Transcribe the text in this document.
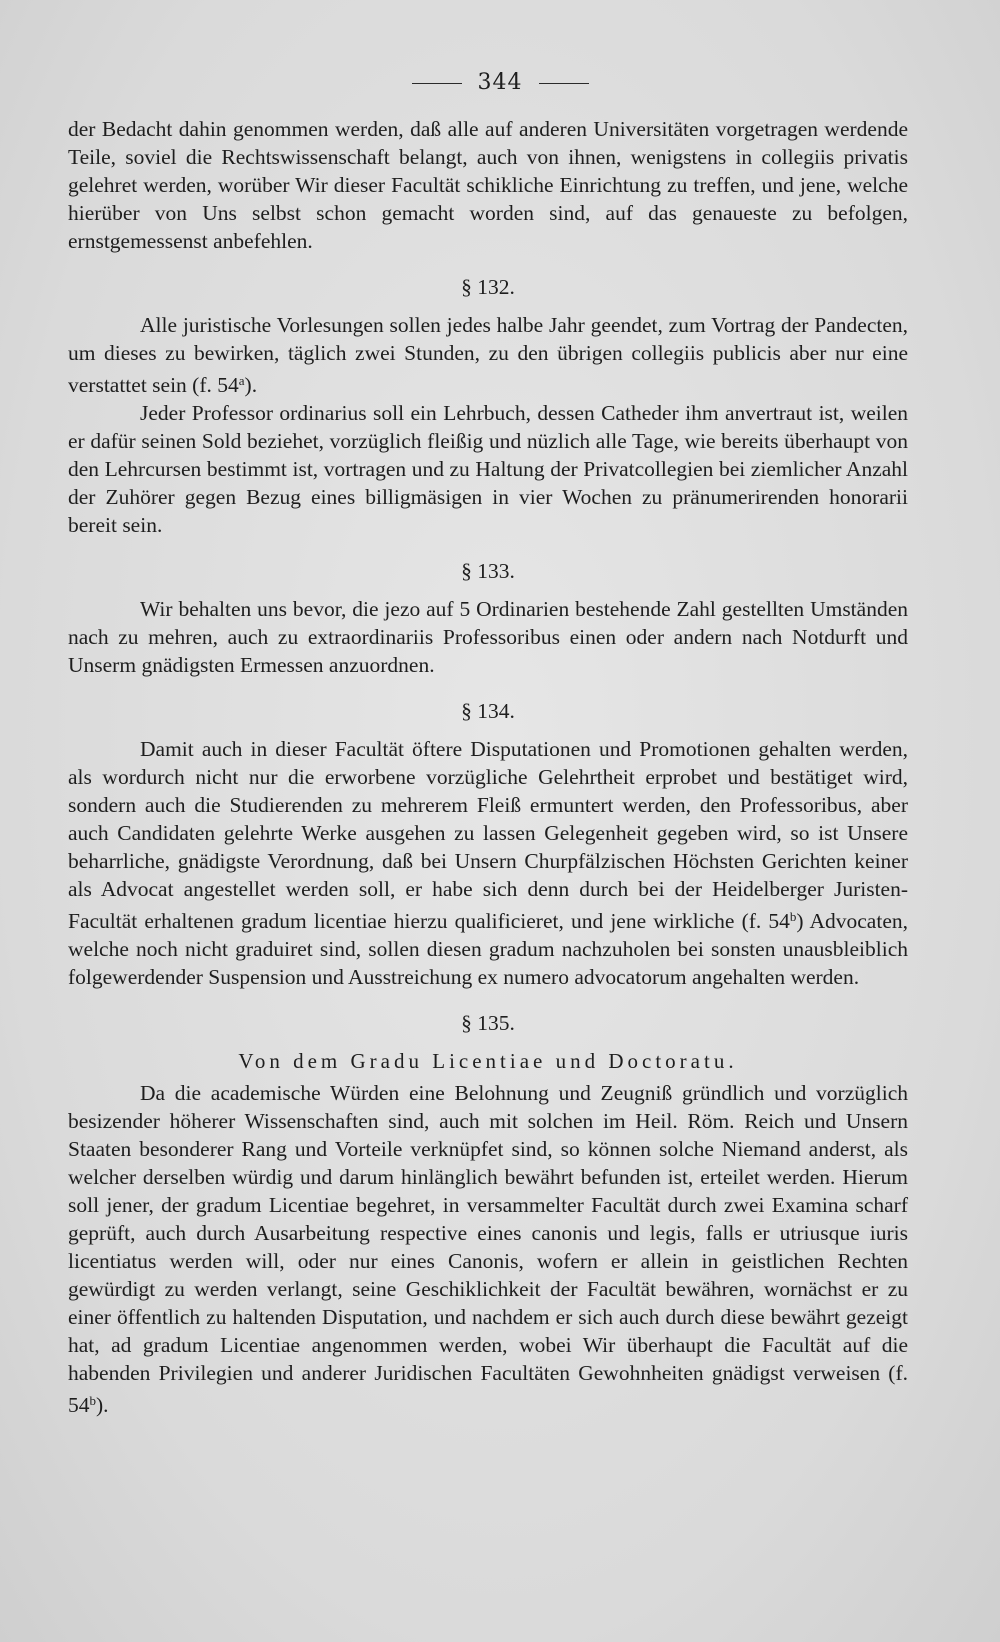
344

der Bedacht dahin genommen werden, daß alle auf anderen Universitäten vorgetragen werdende Teile, soviel die Rechtswissenschaft belangt, auch von ihnen, wenigstens in collegiis privatis gelehret werden, worüber Wir dieser Facultät schikliche Einrichtung zu treffen, und jene, welche hierüber von Uns selbst schon gemacht worden sind, auf das genaueste zu befolgen, ernstgemessenst anbefehlen.

§ 132.

Alle juristische Vorlesungen sollen jedes halbe Jahr geendet, zum Vortrag der Pandecten, um dieses zu bewirken, täglich zwei Stunden, zu den übrigen collegiis publicis aber nur eine verstattet sein (f. 54$^a$).

Jeder Professor ordinarius soll ein Lehrbuch, dessen Catheder ihm anvertraut ist, weilen er dafür seinen Sold beziehet, vorzüglich fleißig und nüzlich alle Tage, wie bereits überhaupt von den Lehrcursen bestimmt ist, vortragen und zu Haltung der Privatcollegien bei ziemlicher Anzahl der Zuhörer gegen Bezug eines billigmäsigen in vier Wochen zu pränumerirenden honorarii bereit sein.

§ 133.

Wir behalten uns bevor, die jezo auf 5 Ordinarien bestehende Zahl gestellten Umständen nach zu mehren, auch zu extraordinariis Professoribus einen oder andern nach Notdurft und Unserm gnädigsten Ermessen anzuordnen.

§ 134.

Damit auch in dieser Facultät öftere Disputationen und Promotionen gehalten werden, als wordurch nicht nur die erworbene vorzügliche Gelehrtheit erprobet und bestätiget wird, sondern auch die Studierenden zu mehrerem Fleiß ermuntert werden, den Professoribus, aber auch Candidaten gelehrte Werke ausgehen zu lassen Gelegenheit gegeben wird, so ist Unsere beharrliche, gnädigste Verordnung, daß bei Unsern Churpfälzischen Höchsten Gerichten keiner als Advocat angestellet werden soll, er habe sich denn durch bei der Heidelberger Juristen-Facultät erhaltenen gradum licentiae hierzu qualificieret, und jene wirkliche (f. 54$^b$) Advocaten, welche noch nicht graduiret sind, sollen diesen gradum nachzuholen bei sonsten unausbleiblich folgewerdender Suspension und Ausstreichung ex numero advocatorum angehalten werden.

§ 135.
Von dem Gradu Licentiae und Doctoratu.

Da die academische Würden eine Belohnung und Zeugniß gründlich und vorzüglich besizender höherer Wissenschaften sind, auch mit solchen im Heil. Röm. Reich und Unsern Staaten besonderer Rang und Vorteile verknüpfet sind, so können solche Niemand anderst, als welcher derselben würdig und darum hinlänglich bewährt befunden ist, erteilet werden. Hierum soll jener, der gradum Licentiae begehret, in versammelter Facultät durch zwei Examina scharf geprüft, auch durch Ausarbeitung respective eines canonis und legis, falls er utriusque iuris licentiatus werden will, oder nur eines Canonis, wofern er allein in geistlichen Rechten gewürdigt zu werden verlangt, seine Geschiklichkeit der Facultät bewähren, wornächst er zu einer öffentlich zu haltenden Disputation, und nachdem er sich auch durch diese bewährt gezeigt hat, ad gradum Licentiae angenommen werden, wobei Wir überhaupt die Facultät auf die habenden Privilegien und anderer Juridischen Facultäten Gewohnheiten gnädigst verweisen (f. 54$^b$).
